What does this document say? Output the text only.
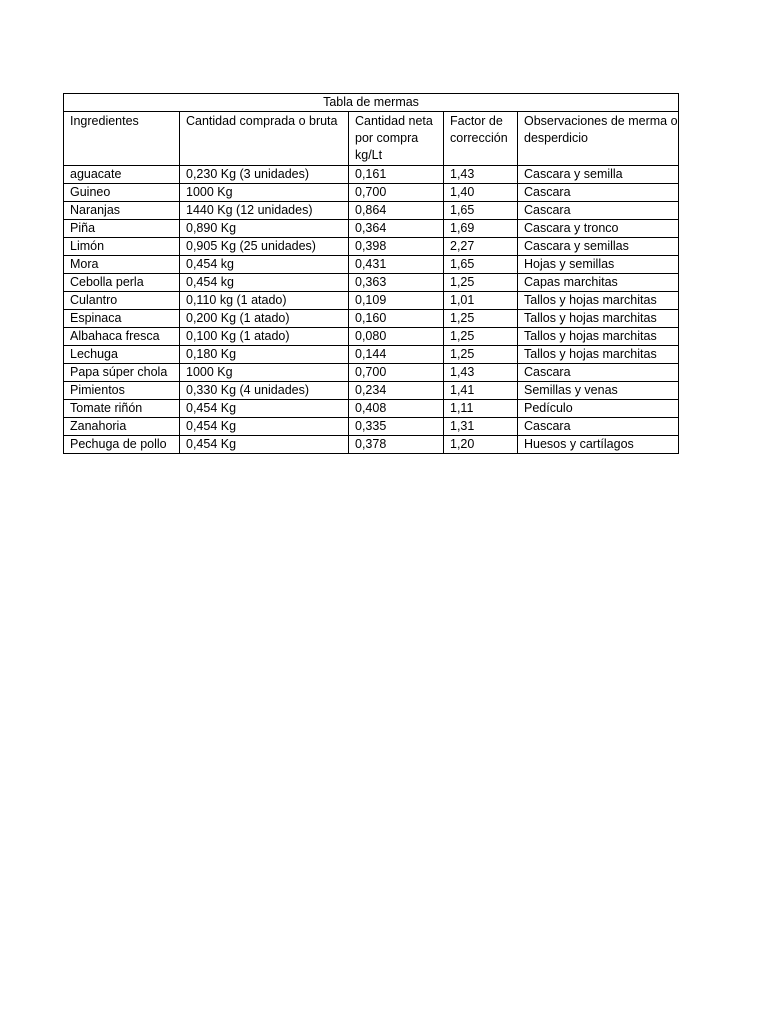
Tabla de mermas				
Ingredientes	Cantidad comprada o bruta	Cantidad neta por compra kg/Lt	Factor de corrección	Observaciones de merma o desperdicio
aguacate	0,230 Kg (3 unidades)	0,161	1,43	Cascara y semilla
Guineo	1000 Kg	0,700	1,40	Cascara
Naranjas	1440 Kg (12 unidades)	0,864	1,65	Cascara
Piña	0,890 Kg	0,364	1,69	Cascara y tronco
Limón	0,905 Kg (25 unidades)	0,398	2,27	Cascara y semillas
Mora	0,454 kg	0,431	1,65	Hojas y semillas
Cebolla perla	0,454 kg	0,363	1,25	Capas marchitas
Culantro	0,110 kg (1 atado)	0,109	1,01	Tallos y hojas marchitas
Espinaca	0,200 Kg (1 atado)	0,160	1,25	Tallos y hojas marchitas
Albahaca fresca	0,100 Kg (1 atado)	0,080	1,25	Tallos y hojas marchitas
Lechuga	0,180 Kg	0,144	1,25	Tallos y hojas marchitas
Papa súper chola	1000 Kg	0,700	1,43	Cascara
Pimientos	0,330 Kg (4 unidades)	0,234	1,41	Semillas y venas
Tomate riñón	0,454 Kg	0,408	1,11	Pedículo
Zanahoria	0,454 Kg	0,335	1,31	Cascara
Pechuga de pollo	0,454 Kg	0,378	1,20	Huesos y cartílagos
